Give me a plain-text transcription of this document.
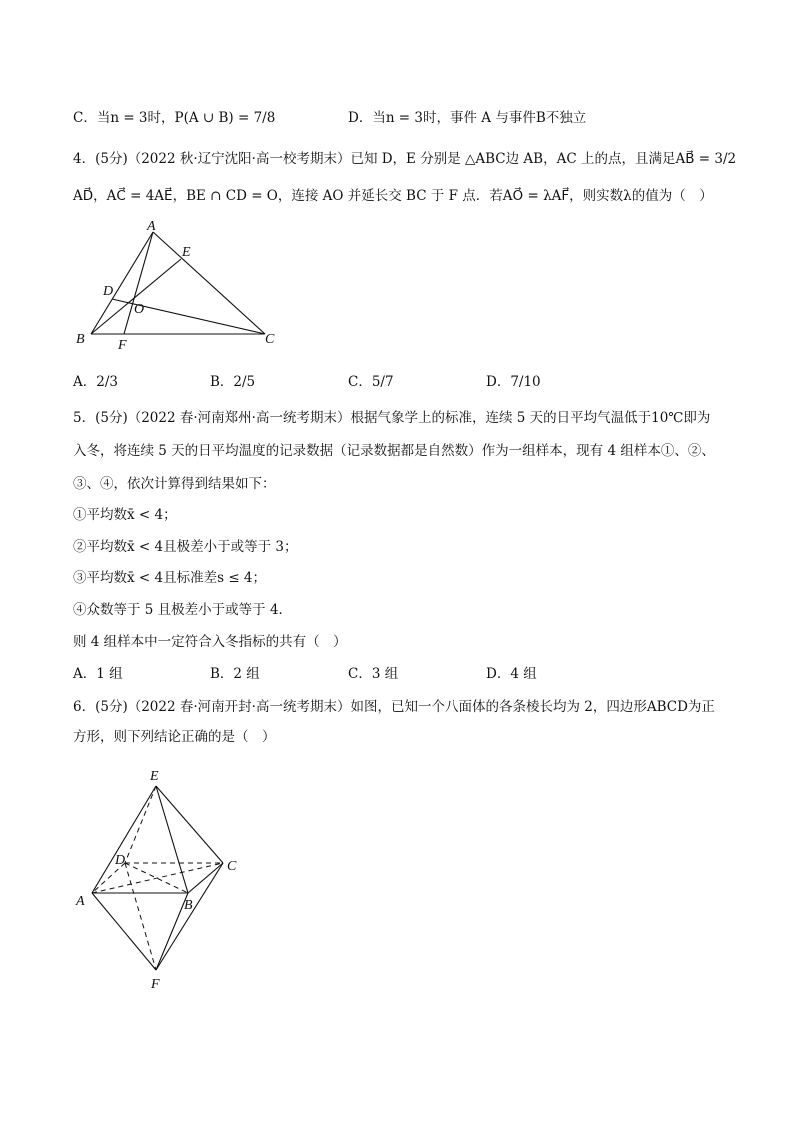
C．当n = 3时，P(A ∪ B) = 7/8	D．当n = 3时，事件 A 与事件B不独立
4．(5分)（2022 秋·辽宁沈阳·高一校考期末）已知 D，E 分别是 △ABC边 AB，AC 上的点，且满足AB⃗ = 3/2
AD⃗，AC⃗ = 4AE⃗，BE ∩ CD = O，连接 AO 并延长交 BC 于 F 点．若AO⃗ = λAF⃗，则实数λ的值为（　）
A
E
D
O
B F	C
A．2/3	B．2/5	C．5/7	D．7/10
5．(5分)（2022 春·河南郑州·高一统考期末）根据气象学上的标准，连续 5 天的日平均气温低于10℃即为
入冬，将连续 5 天的日平均温度的记录数据（记录数据都是自然数）作为一组样本，现有 4 组样本①、②、
③、④，依次计算得到结果如下：
①平均数x̄ < 4；
②平均数x̄ < 4且极差小于或等于 3；
③平均数x̄ < 4且标准差s ≤ 4；
④众数等于 5 且极差小于或等于 4．
则 4 组样本中一定符合入冬指标的共有（　）
A．1 组	B．2 组	C．3 组	D．4 组
6．(5分)（2022 春·河南开封·高一统考期末）如图，已知一个八面体的各条棱长均为 2，四边形ABCD为正
方形，则下列结论正确的是（　）
E
D	C
A	B
F
